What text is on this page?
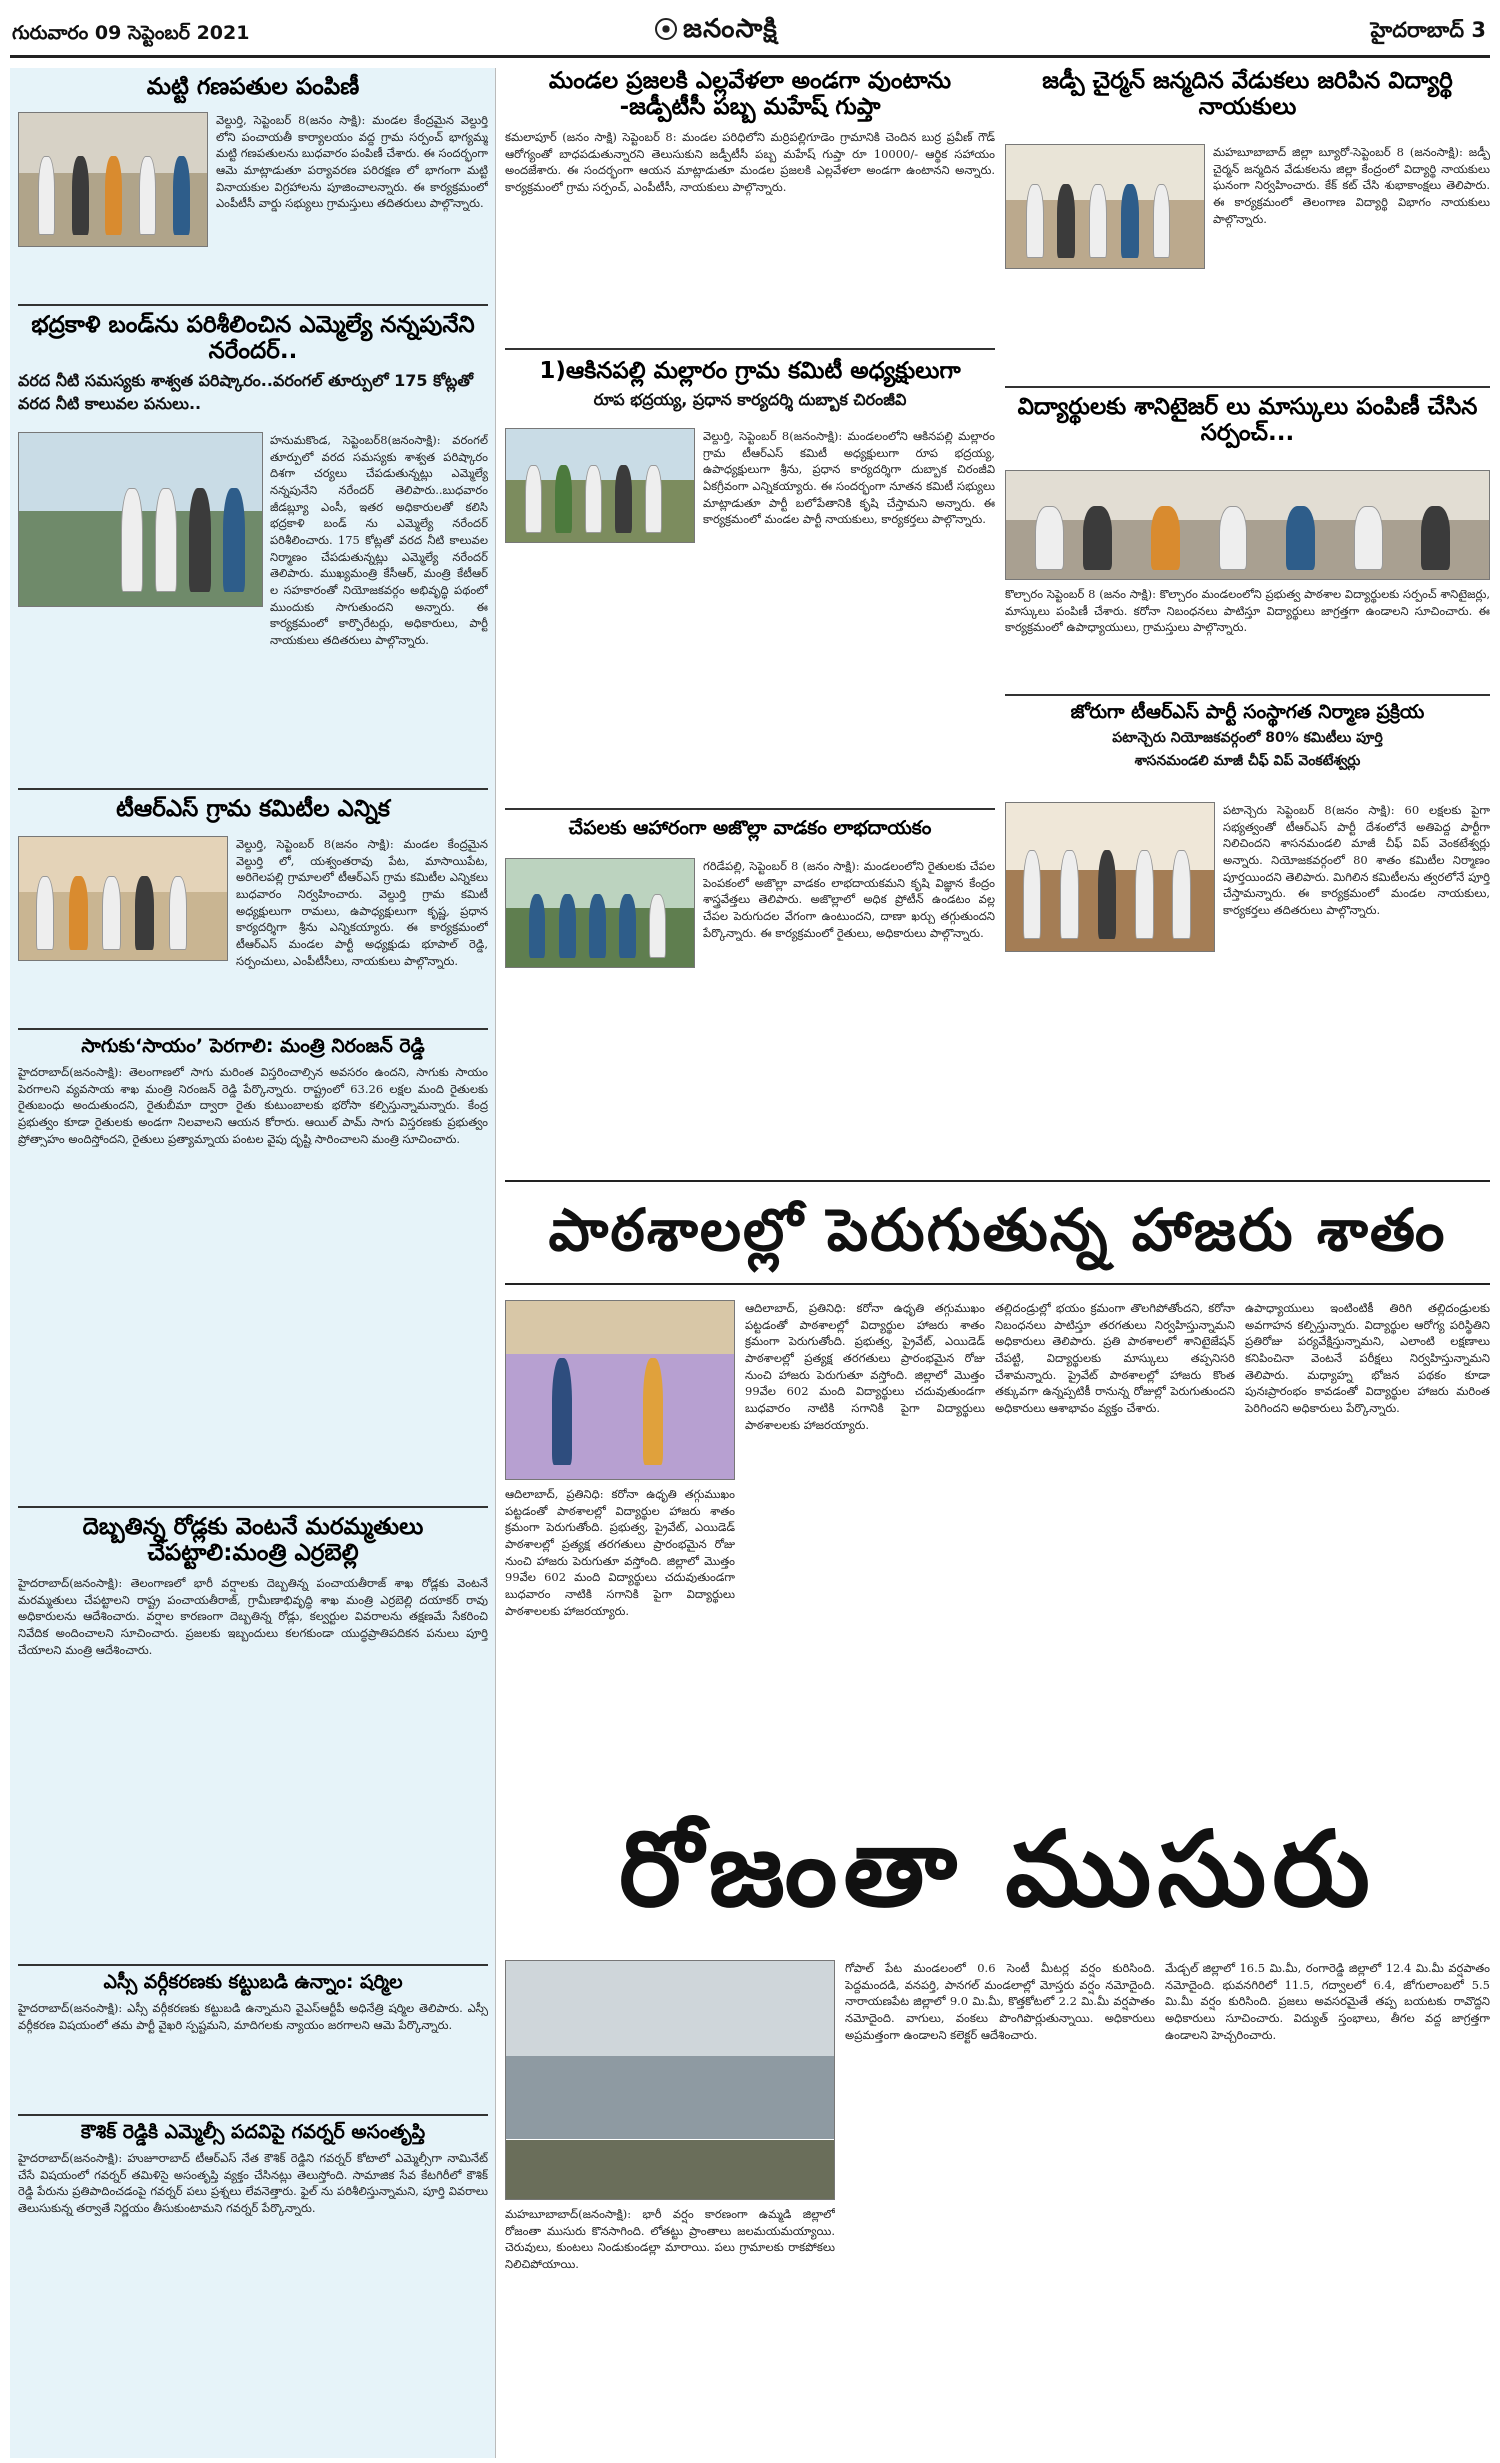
గురువారం 09 సెప్టెంబర్ 2021	జనంసాక్షి	హైదరాబాద్ 3
మట్టి గణపతుల పంపిణీ
వెల్దుర్తి, సెప్టెంబర్ 8(జనం సాక్షి): మండల కేంద్రమైన వెల్దుర్తి లోని పంచాయతీ కార్యాలయం వద్ద గ్రామ సర్పంచ్ భాగ్యమ్మ మట్టి గణపతులను బుధవారం పంపిణీ చేశారు. ఈ సందర్భంగా ఆమె మాట్లాడుతూ పర్యావరణ పరిరక్షణ లో భాగంగా మట్టి వినాయకుల విగ్రహాలను పూజించాలన్నారు. ఈ కార్యక్రమంలో ఎంపీటీసీ వార్డు సభ్యులు గ్రామస్తులు తదితరులు పాల్గొన్నారు.
భద్రకాళి బండ్‌ను పరిశీలించిన ఎమ్మెల్యే నన్నపునేని నరేందర్..
వరద నీటి సమస్యకు శాశ్వత పరిష్కారం..వరంగల్ తూర్పులో 175 కోట్లతో వరద నీటి కాలువల పనులు..
హనుమకొండ, సెప్టెంబర్8(జనంసాక్షి): వరంగల్ తూర్పులో వరద సమస్యకు శాశ్వత పరిష్కారం దిశగా చర్యలు చేపడుతున్నట్లు ఎమ్మెల్యే నన్నపునేని నరేందర్ తెలిపారు..బుధవారం జీడబ్ల్యూ ఎంసీ, ఇతర అధికారులతో కలిసి భద్రకాళి బండ్ ను ఎమ్మెల్యే నరేందర్ పరిశీలించారు. 175 కోట్లతో వరద నీటి కాలువల నిర్మాణం చేపడుతున్నట్లు ఎమ్మెల్యే నరేందర్ తెలిపారు. ముఖ్యమంత్రి కేసీఆర్, మంత్రి కేటీఆర్ ల సహకారంతో నియోజకవర్గం అభివృద్ధి పథంలో ముందుకు సాగుతుందని అన్నారు. ఈ కార్యక్రమంలో కార్పొరేటర్లు, అధికారులు, పార్టీ నాయకులు తదితరులు పాల్గొన్నారు.
టీఆర్ఎస్ గ్రామ కమిటీల ఎన్నిక
వెల్దుర్తి, సెప్టెంబర్ 8(జనం సాక్షి): మండల కేంద్రమైన వెల్దుర్తి లో, యశ్వంతరావు పేట, మాసాయిపేట, అరిగెలపల్లి గ్రామాలలో టీఆర్ఎస్ గ్రామ కమిటీల ఎన్నికలు బుధవారం నిర్వహించారు. వెల్దుర్తి గ్రామ కమిటీ అధ్యక్షులుగా రామలు, ఉపాధ్యక్షులుగా కృష్ణ, ప్రధాన కార్యదర్శిగా శ్రీను ఎన్నికయ్యారు. ఈ కార్యక్రమంలో టీఆర్ఎస్ మండల పార్టీ అధ్యక్షుడు భూపాల్ రెడ్డి, సర్పంచులు, ఎంపీటీసీలు, నాయకులు పాల్గొన్నారు.
సాగుకు‘సాయం’ పెరగాలి: మంత్రి నిరంజన్ రెడ్డి
హైదరాబాద్(జనంసాక్షి): తెలంగాణలో సాగు మరింత విస్తరించాల్సిన అవసరం ఉందని, సాగుకు సాయం పెరగాలని వ్యవసాయ శాఖ మంత్రి నిరంజన్ రెడ్డి పేర్కొన్నారు. రాష్ట్రంలో 63.26 లక్షల మంది రైతులకు రైతుబంధు అందుతుందని, రైతుబీమా ద్వారా రైతు కుటుంబాలకు భరోసా కల్పిస్తున్నామన్నారు. కేంద్ర ప్రభుత్వం కూడా రైతులకు అండగా నిలవాలని ఆయన కోరారు. ఆయిల్ పామ్ సాగు విస్తరణకు ప్రభుత్వం ప్రోత్సాహం అందిస్తోందని, రైతులు ప్రత్యామ్నాయ పంటల వైపు దృష్టి సారించాలని మంత్రి సూచించారు.
దెబ్బతిన్న రోడ్లకు వెంటనే మరమ్మతులు చేపట్టాలి:మంత్రి ఎర్రబెల్లి
హైదరాబాద్(జనంసాక్షి): తెలంగాణలో భారీ వర్షాలకు దెబ్బతిన్న పంచాయతీరాజ్ శాఖ రోడ్లకు వెంటనే మరమ్మతులు చేపట్టాలని రాష్ట్ర పంచాయతీరాజ్, గ్రామీణాభివృద్ధి శాఖ మంత్రి ఎర్రబెల్లి దయాకర్ రావు అధికారులను ఆదేశించారు. వర్షాల కారణంగా దెబ్బతిన్న రోడ్లు, కల్వర్టుల వివరాలను తక్షణమే సేకరించి నివేదిక అందించాలని సూచించారు. ప్రజలకు ఇబ్బందులు కలగకుండా యుద్ధప్రాతిపదికన పనులు పూర్తి చేయాలని మంత్రి ఆదేశించారు.
ఎస్సీ వర్గీకరణకు కట్టుబడి ఉన్నాం: షర్మిల
హైదరాబాద్(జనంసాక్షి): ఎస్సీ వర్గీకరణకు కట్టుబడి ఉన్నామని వైఎస్ఆర్టీపీ అధినేత్రి షర్మిల తెలిపారు. ఎస్సీ వర్గీకరణ విషయంలో తమ పార్టీ వైఖరి స్పష్టమని, మాదిగలకు న్యాయం జరగాలని ఆమె పేర్కొన్నారు.
కౌశిక్ రెడ్డికి ఎమ్మెల్సీ పదవిపై గవర్నర్ అసంతృప్తి
హైదరాబాద్(జనంసాక్షి): హుజూరాబాద్ టీఆర్ఎస్ నేత కౌశిక్ రెడ్డిని గవర్నర్ కోటాలో ఎమ్మెల్సీగా నామినేట్ చేసే విషయంలో గవర్నర్ తమిళిసై అసంతృప్తి వ్యక్తం చేసినట్లు తెలుస్తోంది. సామాజిక సేవ కేటగిరీలో కౌశిక్ రెడ్డి పేరును ప్రతిపాదించడంపై గవర్నర్ పలు ప్రశ్నలు లేవనెత్తారు. ఫైల్ ను పరిశీలిస్తున్నామని, పూర్తి వివరాలు తెలుసుకున్న తర్వాతే నిర్ణయం తీసుకుంటామని గవర్నర్ పేర్కొన్నారు.
మండల ప్రజలకి ఎల్లవేళలా అండగా వుంటాను -జడ్పీటీసీ పబ్బ మహేష్ గుప్తా
కమలాపూర్ (జనం సాక్షి) సెప్టెంబర్ 8: మండల పరిధిలోని మర్రిపల్లిగూడెం గ్రామానికి చెందిన బుర్ర ప్రవీణ్ గౌడ్ ఆరోగ్యంతో బాధపడుతున్నారని తెలుసుకుని జడ్పీటీసీ పబ్బ మహేష్ గుప్తా రూ 10000/- ఆర్థిక సహాయం అందజేశారు. ఈ సందర్భంగా ఆయన మాట్లాడుతూ మండల ప్రజలకి ఎల్లవేళలా అండగా ఉంటానని అన్నారు. కార్యక్రమంలో గ్రామ సర్పంచ్, ఎంపీటీసీ, నాయకులు పాల్గొన్నారు.
1)ఆకినపల్లి మల్లారం గ్రామ కమిటీ అధ్యక్షులుగా
రూప భద్రయ్య, ప్రధాన కార్యదర్శి దుబ్బాక చిరంజీవి
వెల్దుర్తి, సెప్టెంబర్ 8(జనంసాక్షి): మండలంలోని ఆకినపల్లి మల్లారం గ్రామ టీఆర్ఎస్ కమిటీ అధ్యక్షులుగా రూప భద్రయ్య, ఉపాధ్యక్షులుగా శ్రీను, ప్రధాన కార్యదర్శిగా దుబ్బాక చిరంజీవి ఏకగ్రీవంగా ఎన్నికయ్యారు. ఈ సందర్భంగా నూతన కమిటీ సభ్యులు మాట్లాడుతూ పార్టీ బలోపేతానికి కృషి చేస్తామని అన్నారు. ఈ కార్యక్రమంలో మండల పార్టీ నాయకులు, కార్యకర్తలు పాల్గొన్నారు.
చేపలకు ఆహారంగా అజొల్లా వాడకం లాభదాయకం
గరిడేపల్లి, సెప్టెంబర్ 8 (జనం సాక్షి): మండలంలోని రైతులకు చేపల పెంపకంలో అజొల్లా వాడకం లాభదాయకమని కృషి విజ్ఞాన కేంద్రం శాస్త్రవేత్తలు తెలిపారు. అజొల్లాలో అధిక ప్రోటీన్ ఉండటం వల్ల చేపల పెరుగుదల వేగంగా ఉంటుందని, దాణా ఖర్చు తగ్గుతుందని పేర్కొన్నారు. ఈ కార్యక్రమంలో రైతులు, అధికారులు పాల్గొన్నారు.
జడ్పీ చైర్మన్ జన్మదిన వేడుకలు జరిపిన విద్యార్థి నాయకులు
మహబూబాబాద్ జిల్లా బ్యూరో-సెప్టెంబర్ 8 (జనంసాక్షి): జడ్పీ చైర్మన్ జన్మదిన వేడుకలను జిల్లా కేంద్రంలో విద్యార్థి నాయకులు ఘనంగా నిర్వహించారు. కేక్ కట్ చేసి శుభాకాంక్షలు తెలిపారు. ఈ కార్యక్రమంలో తెలంగాణ విద్యార్థి విభాగం నాయకులు పాల్గొన్నారు.
విద్యార్థులకు శానిటైజర్ లు మాస్కులు పంపిణీ చేసిన సర్పంచ్...
కొల్చారం సెప్టెంబర్ 8 (జనం సాక్షి): కొల్చారం మండలంలోని ప్రభుత్వ పాఠశాల విద్యార్థులకు సర్పంచ్ శానిటైజర్లు, మాస్కులు పంపిణీ చేశారు. కరోనా నిబంధనలు పాటిస్తూ విద్యార్థులు జాగ్రత్తగా ఉండాలని సూచించారు. ఈ కార్యక్రమంలో ఉపాధ్యాయులు, గ్రామస్తులు పాల్గొన్నారు.
జోరుగా టీఆర్ఎస్ పార్టీ సంస్థాగత నిర్మాణ ప్రక్రియ
పటాన్చెరు నియోజకవర్గంలో 80% కమిటీలు పూర్తి
శాసనమండలి మాజీ చీఫ్ విప్ వెంకటేశ్వర్లు
పటాన్చెరు సెప్టెంబర్ 8(జనం సాక్షి): 60 లక్షలకు పైగా సభ్యత్వంతో టీఆర్ఎస్ పార్టీ దేశంలోనే అతిపెద్ద పార్టీగా నిలిచిందని శాసనమండలి మాజీ చీఫ్ విప్ వెంకటేశ్వర్లు అన్నారు. నియోజకవర్గంలో 80 శాతం కమిటీల నిర్మాణం పూర్తయిందని తెలిపారు. మిగిలిన కమిటీలను త్వరలోనే పూర్తి చేస్తామన్నారు. ఈ కార్యక్రమంలో మండల నాయకులు, కార్యకర్తలు తదితరులు పాల్గొన్నారు.
పాఠశాలల్లో పెరుగుతున్న హాజరు శాతం
ఆదిలాబాద్, ప్రతినిధి: కరోనా ఉధృతి తగ్గుముఖం పట్టడంతో పాఠశాలల్లో విద్యార్థుల హాజరు శాతం క్రమంగా పెరుగుతోంది. ప్రభుత్వ, ప్రైవేట్, ఎయిడెడ్ పాఠశాలల్లో ప్రత్యక్ష తరగతులు ప్రారంభమైన రోజు నుంచి హాజరు పెరుగుతూ వస్తోంది. జిల్లాలో మొత్తం 99వేల 602 మంది విద్యార్థులు చదువుతుండగా బుధవారం నాటికి సగానికి పైగా విద్యార్థులు పాఠశాలలకు హాజరయ్యారు.
ఆదిలాబాద్, ప్రతినిధి: కరోనా ఉధృతి తగ్గుముఖం పట్టడంతో పాఠశాలల్లో విద్యార్థుల హాజరు శాతం క్రమంగా పెరుగుతోంది. ప్రభుత్వ, ప్రైవేట్, ఎయిడెడ్ పాఠశాలల్లో ప్రత్యక్ష తరగతులు ప్రారంభమైన రోజు నుంచి హాజరు పెరుగుతూ వస్తోంది. జిల్లాలో మొత్తం 99వేల 602 మంది విద్యార్థులు చదువుతుండగా బుధవారం నాటికి సగానికి పైగా విద్యార్థులు పాఠశాలలకు హాజరయ్యారు.
తల్లిదండ్రుల్లో భయం క్రమంగా తొలగిపోతోందని, కరోనా నిబంధనలు పాటిస్తూ తరగతులు నిర్వహిస్తున్నామని అధికారులు తెలిపారు. ప్రతి పాఠశాలలో శానిటైజేషన్ చేపట్టి, విద్యార్థులకు మాస్కులు తప్పనిసరి చేశామన్నారు. ప్రైవేట్ పాఠశాలల్లో హాజరు కొంత తక్కువగా ఉన్నప్పటికీ రానున్న రోజుల్లో పెరుగుతుందని అధికారులు ఆశాభావం వ్యక్తం చేశారు.
ఉపాధ్యాయులు ఇంటింటికీ తిరిగి తల్లిదండ్రులకు అవగాహన కల్పిస్తున్నారు. విద్యార్థుల ఆరోగ్య పరిస్థితిని ప్రతిరోజు పర్యవేక్షిస్తున్నామని, ఎలాంటి లక్షణాలు కనిపించినా వెంటనే పరీక్షలు నిర్వహిస్తున్నామని తెలిపారు. మధ్యాహ్న భోజన పథకం కూడా పునఃప్రారంభం కావడంతో విద్యార్థుల హాజరు మరింత పెరిగిందని అధికారులు పేర్కొన్నారు.
రోజంతా ముసురు
మహబూబాబాద్(జనంసాక్షి): భారీ వర్షం కారణంగా ఉమ్మడి జిల్లాలో రోజంతా ముసురు కొనసాగింది. లోతట్టు ప్రాంతాలు జలమయమయ్యాయి. చెరువులు, కుంటలు నిండుకుండల్లా మారాయి. పలు గ్రామాలకు రాకపోకలు నిలిచిపోయాయి.
గోపాల్ పేట మండలంలో 0.6 సెంటీ మీటర్ల వర్షం కురిసింది. పెద్దమందడి, వనపర్తి, పానగల్ మండలాల్లో మోస్తరు వర్షం నమోదైంది. నారాయణపేట జిల్లాలో 9.0 మి.మీ, కొత్తకోటలో 2.2 మి.మీ వర్షపాతం నమోదైంది. వాగులు, వంకలు పొంగిపొర్లుతున్నాయి. అధికారులు అప్రమత్తంగా ఉండాలని కలెక్టర్ ఆదేశించారు.
మేడ్చల్ జిల్లాలో 16.5 మి.మీ, రంగారెడ్డి జిల్లాలో 12.4 మి.మీ వర్షపాతం నమోదైంది. భువనగిరిలో 11.5, గద్వాలలో 6.4, జోగులాంబలో 5.5 మి.మీ వర్షం కురిసింది. ప్రజలు అవసరమైతే తప్ప బయటకు రావొద్దని అధికారులు సూచించారు. విద్యుత్ స్తంభాలు, తీగల వద్ద జాగ్రత్తగా ఉండాలని హెచ్చరించారు.
